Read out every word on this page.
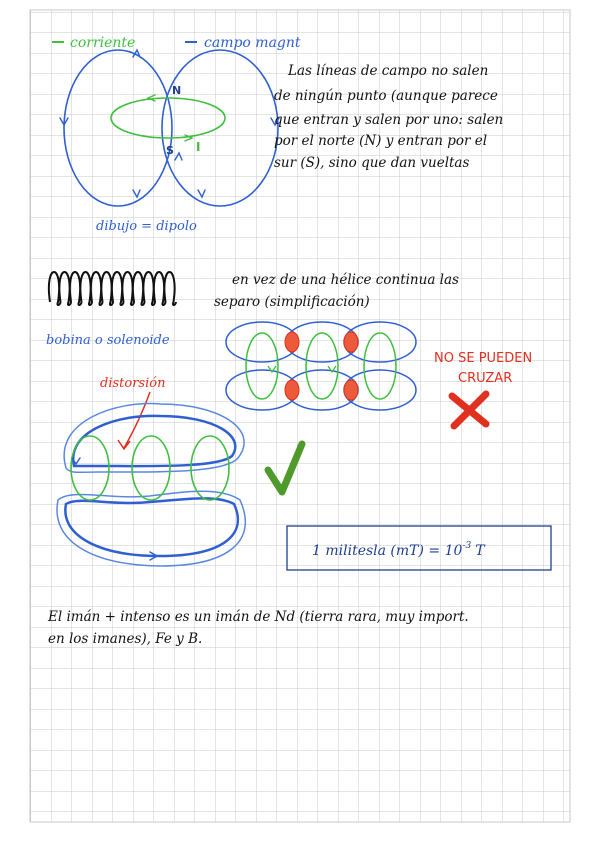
corriente	campo magnt
N
S I
dibujo = dipolo
Las líneas de campo no salen
de ningún punto (aunque parece
que entran y salen por uno: salen
por el norte (N) y entran por el
sur (S), sino que dan vueltas
bobina o solenoide
en vez de una hélice continua las
separo (simplificación)
NO SE PUEDEN
CRUZAR
distorsión
1 militesla $(mT) = 10^{-3}$ T
El imán + intenso es un imán de Nd (tierra rara, muy import.
en los imanes), Fe y B.
